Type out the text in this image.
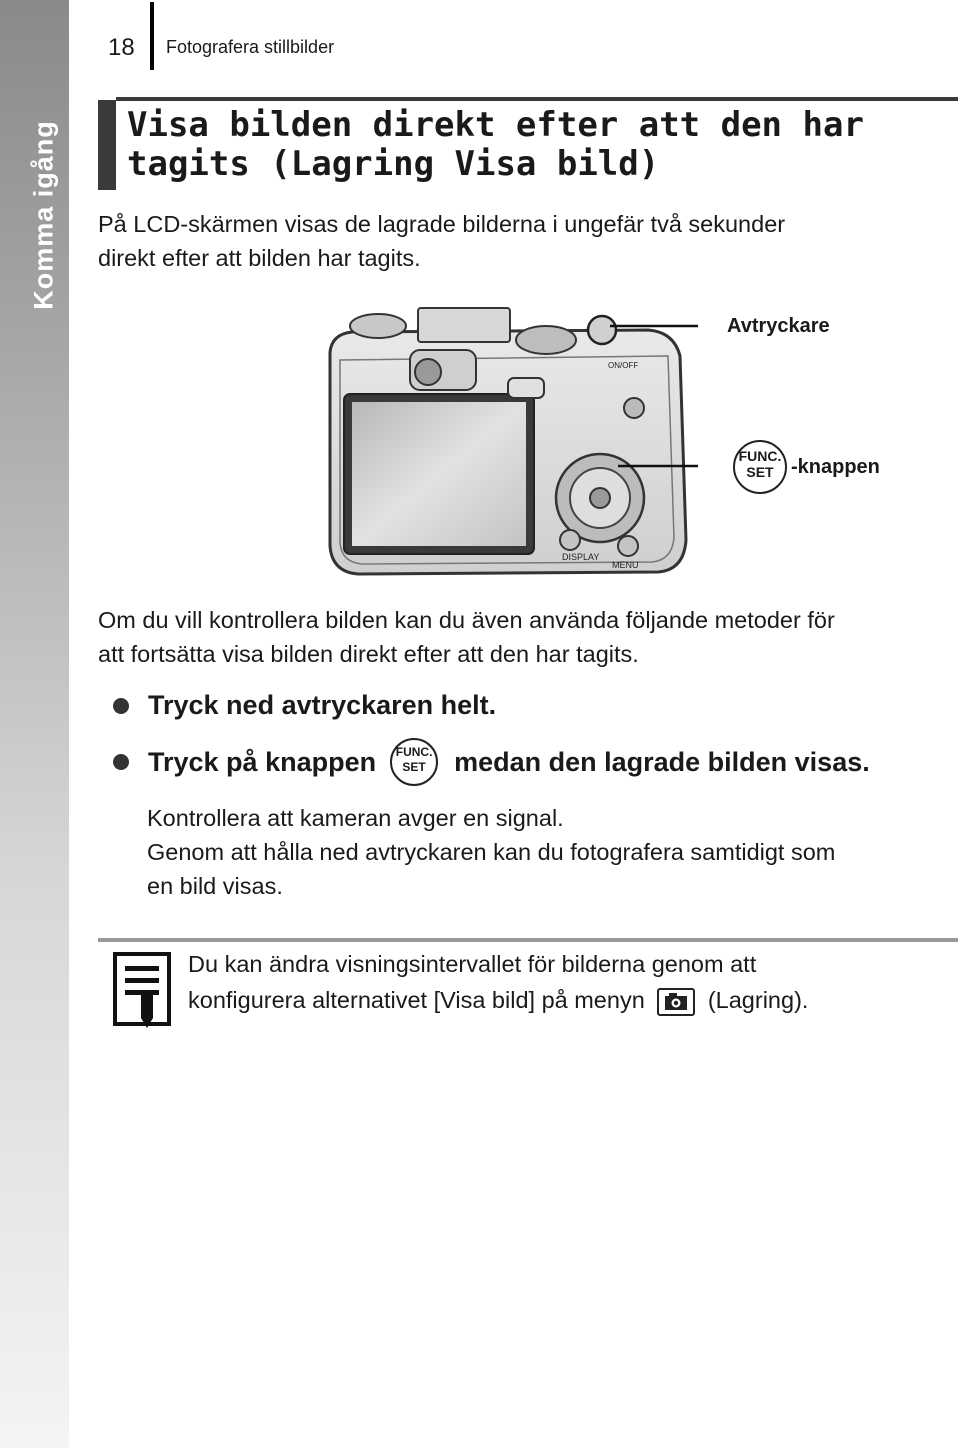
Komma igång
18 Fotografera stillbilder
Visa bilden direkt efter att den har
tagits (Lagring Visa bild)

På LCD-skärmen visas de lagrade bilderna i ungefär två sekunder
direkt efter att bilden har tagits.

DISPLAY
MENU
ON/OFF
Avtryckare
FUNC.
SET -knappen

Om du vill kontrollera bilden kan du även använda följande metoder för
att fortsätta visa bilden direkt efter att den har tagits.

Tryck ned avtryckaren helt.
Tryck på knappen	FUNC.
SET	medan den lagrade bilden visas.

Kontrollera att kameran avger en signal.
Genom att hålla ned avtryckaren kan du fotografera samtidigt som
en bild visas.

Du kan ändra visningsintervallet för bilderna genom att
konfigurera alternativet [Visa bild] på menyn	(Lagring).
